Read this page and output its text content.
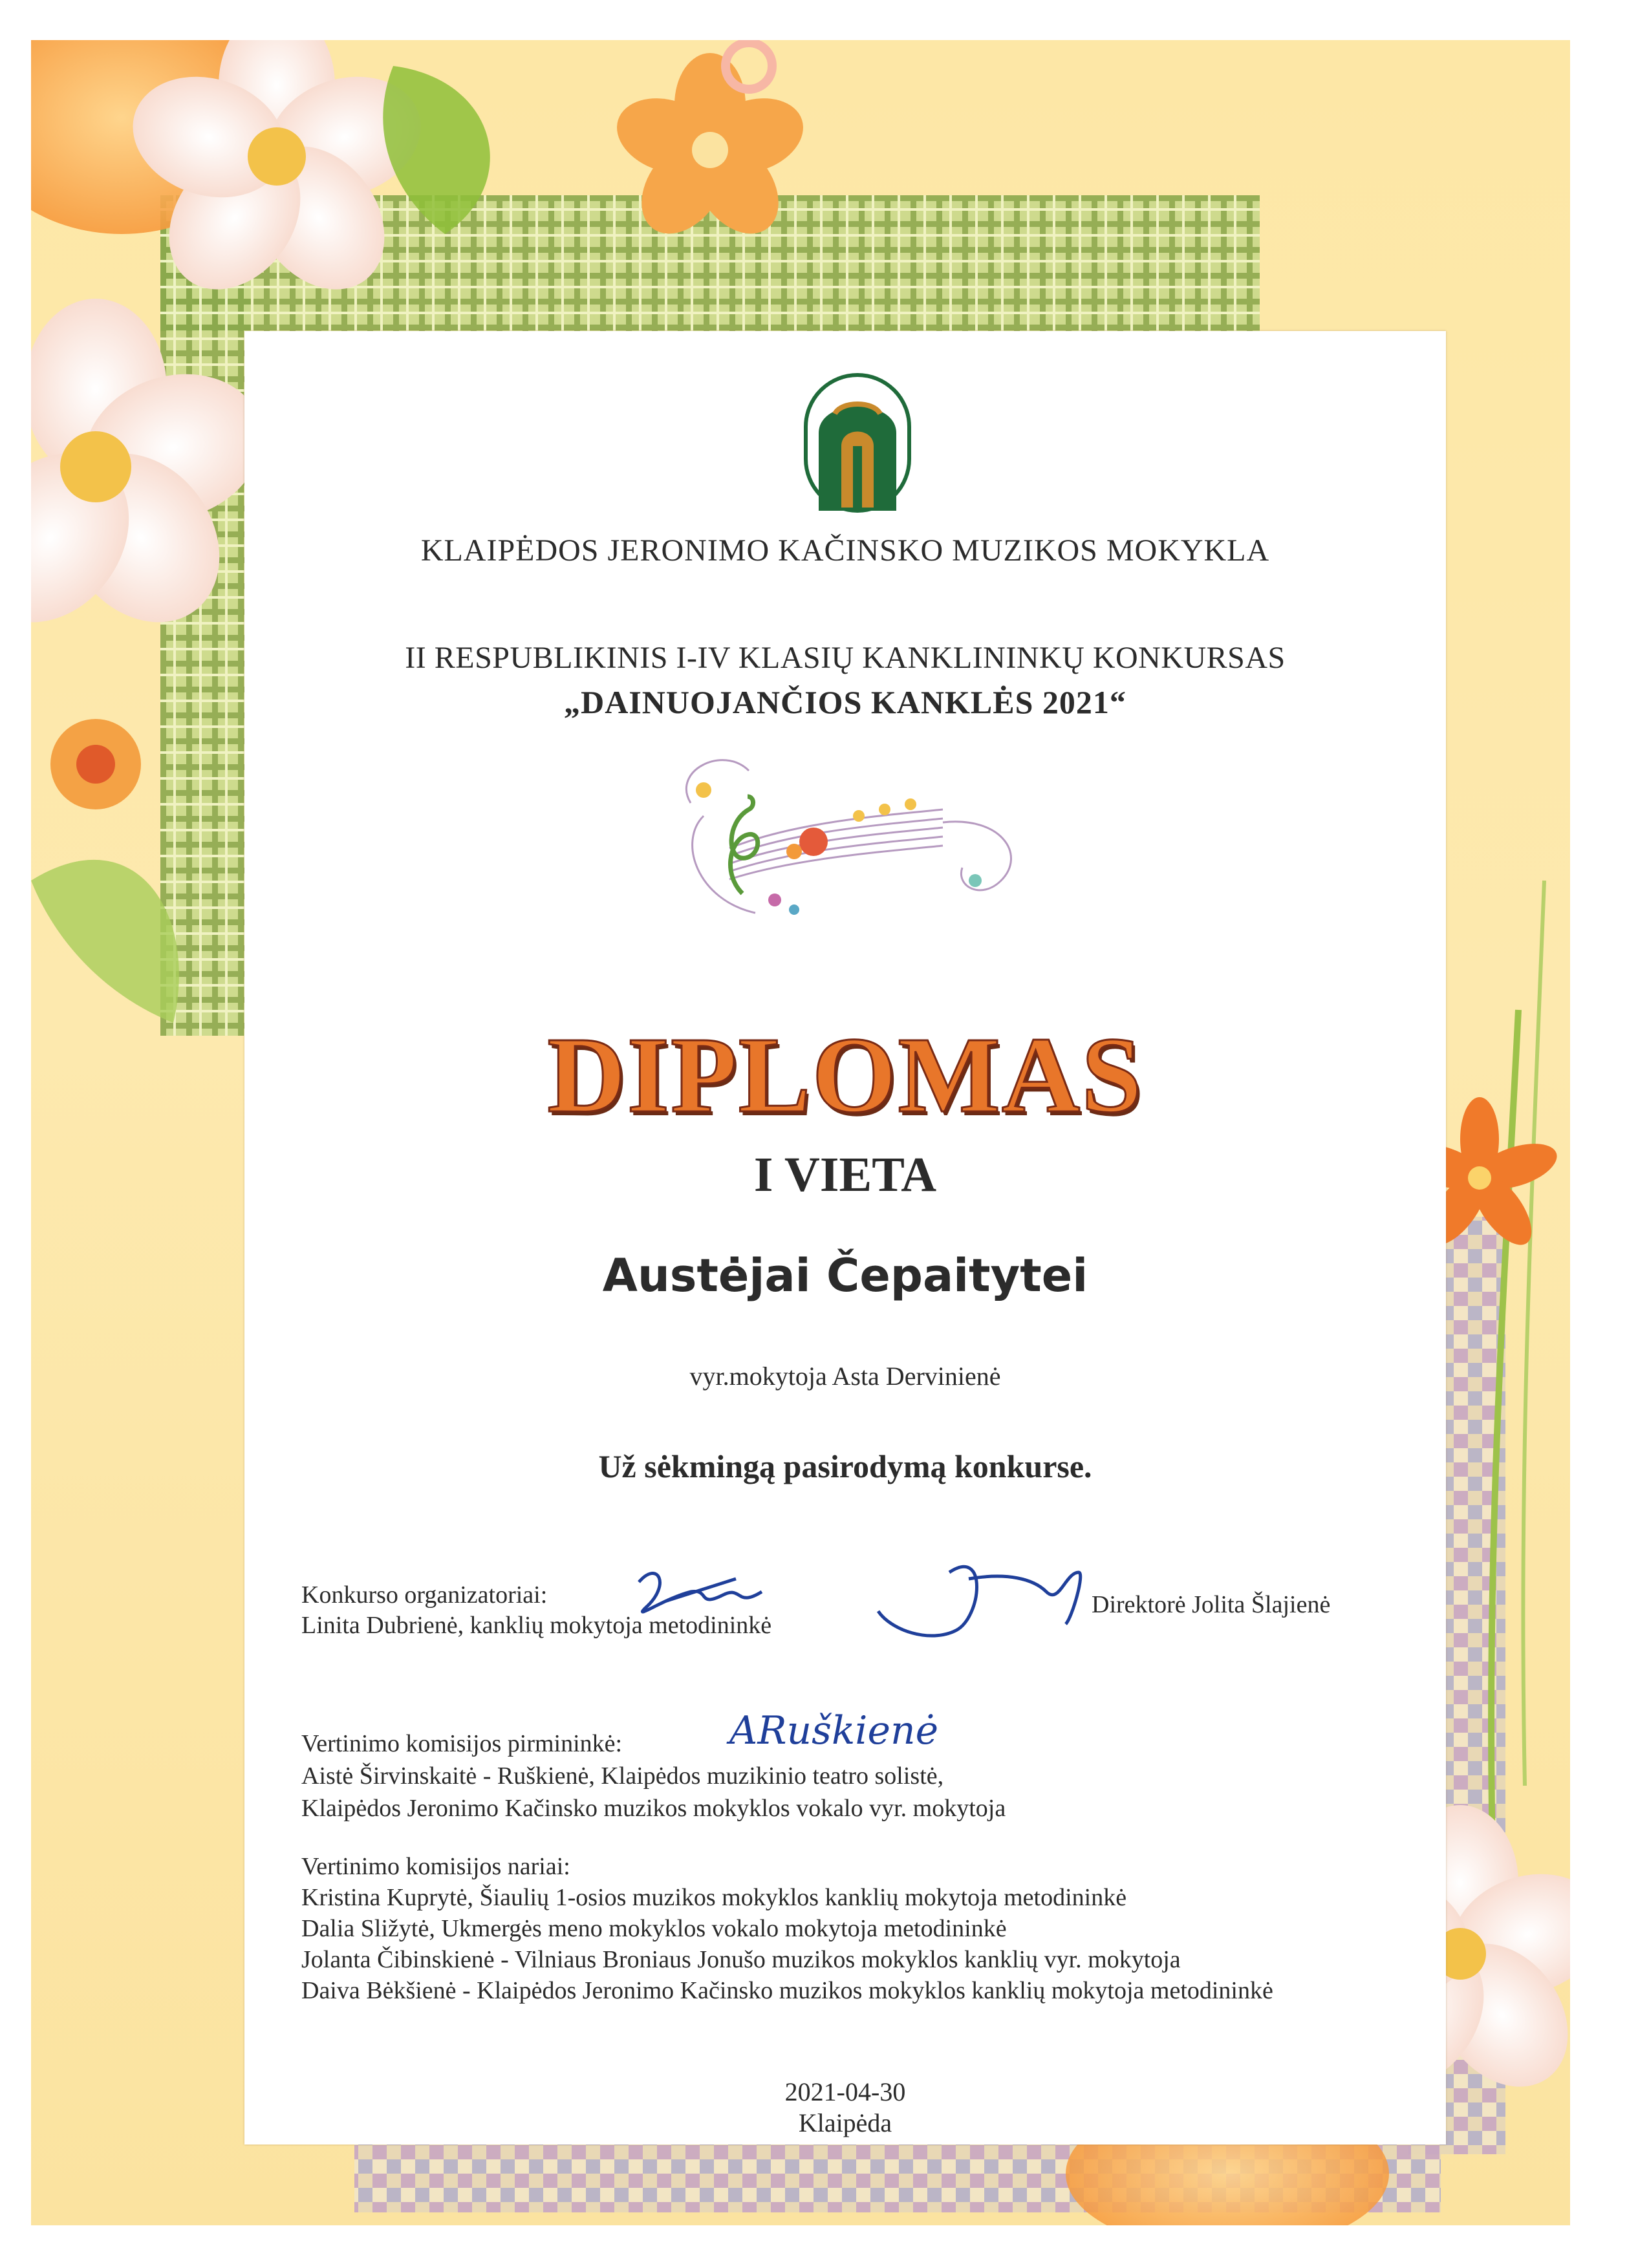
KLAIPĖDOS JERONIMO KAČINSKO MUZIKOS MOKYKLA
II RESPUBLIKINIS I-IV KLASIŲ KANKLININKŲ KONKURSAS
„DAINUOJANČIOS KANKLĖS 2021“
DIPLOMAS
I VIETA
Austėjai Čepaitytei
vyr.mokytoja Asta Dervinienė
Už sėkmingą pasirodymą konkurse.
Konkurso organizatoriai:
Linita Dubrienė, kanklių mokytoja metodininkė
Direktorė Jolita Šlajienė
Vertinimo komisijos pirmininkė:
Aistė Širvinskaitė - Ruškienė, Klaipėdos muzikinio teatro solistė,
Klaipėdos Jeronimo Kačinsko muzikos mokyklos vokalo vyr. mokytoja
Vertinimo komisijos nariai:
Kristina Kuprytė, Šiaulių 1-osios muzikos mokyklos kanklių mokytoja metodininkė
Dalia Sližytė, Ukmergės meno mokyklos vokalo mokytoja metodininkė
Jolanta Čibinskienė - Vilniaus Broniaus Jonušo muzikos mokyklos kanklių vyr. mokytoja
Daiva Bėkšienė - Klaipėdos Jeronimo Kačinsko muzikos mokyklos kanklių mokytoja metodininkė
2021-04-30
Klaipėda
ARuškienė
